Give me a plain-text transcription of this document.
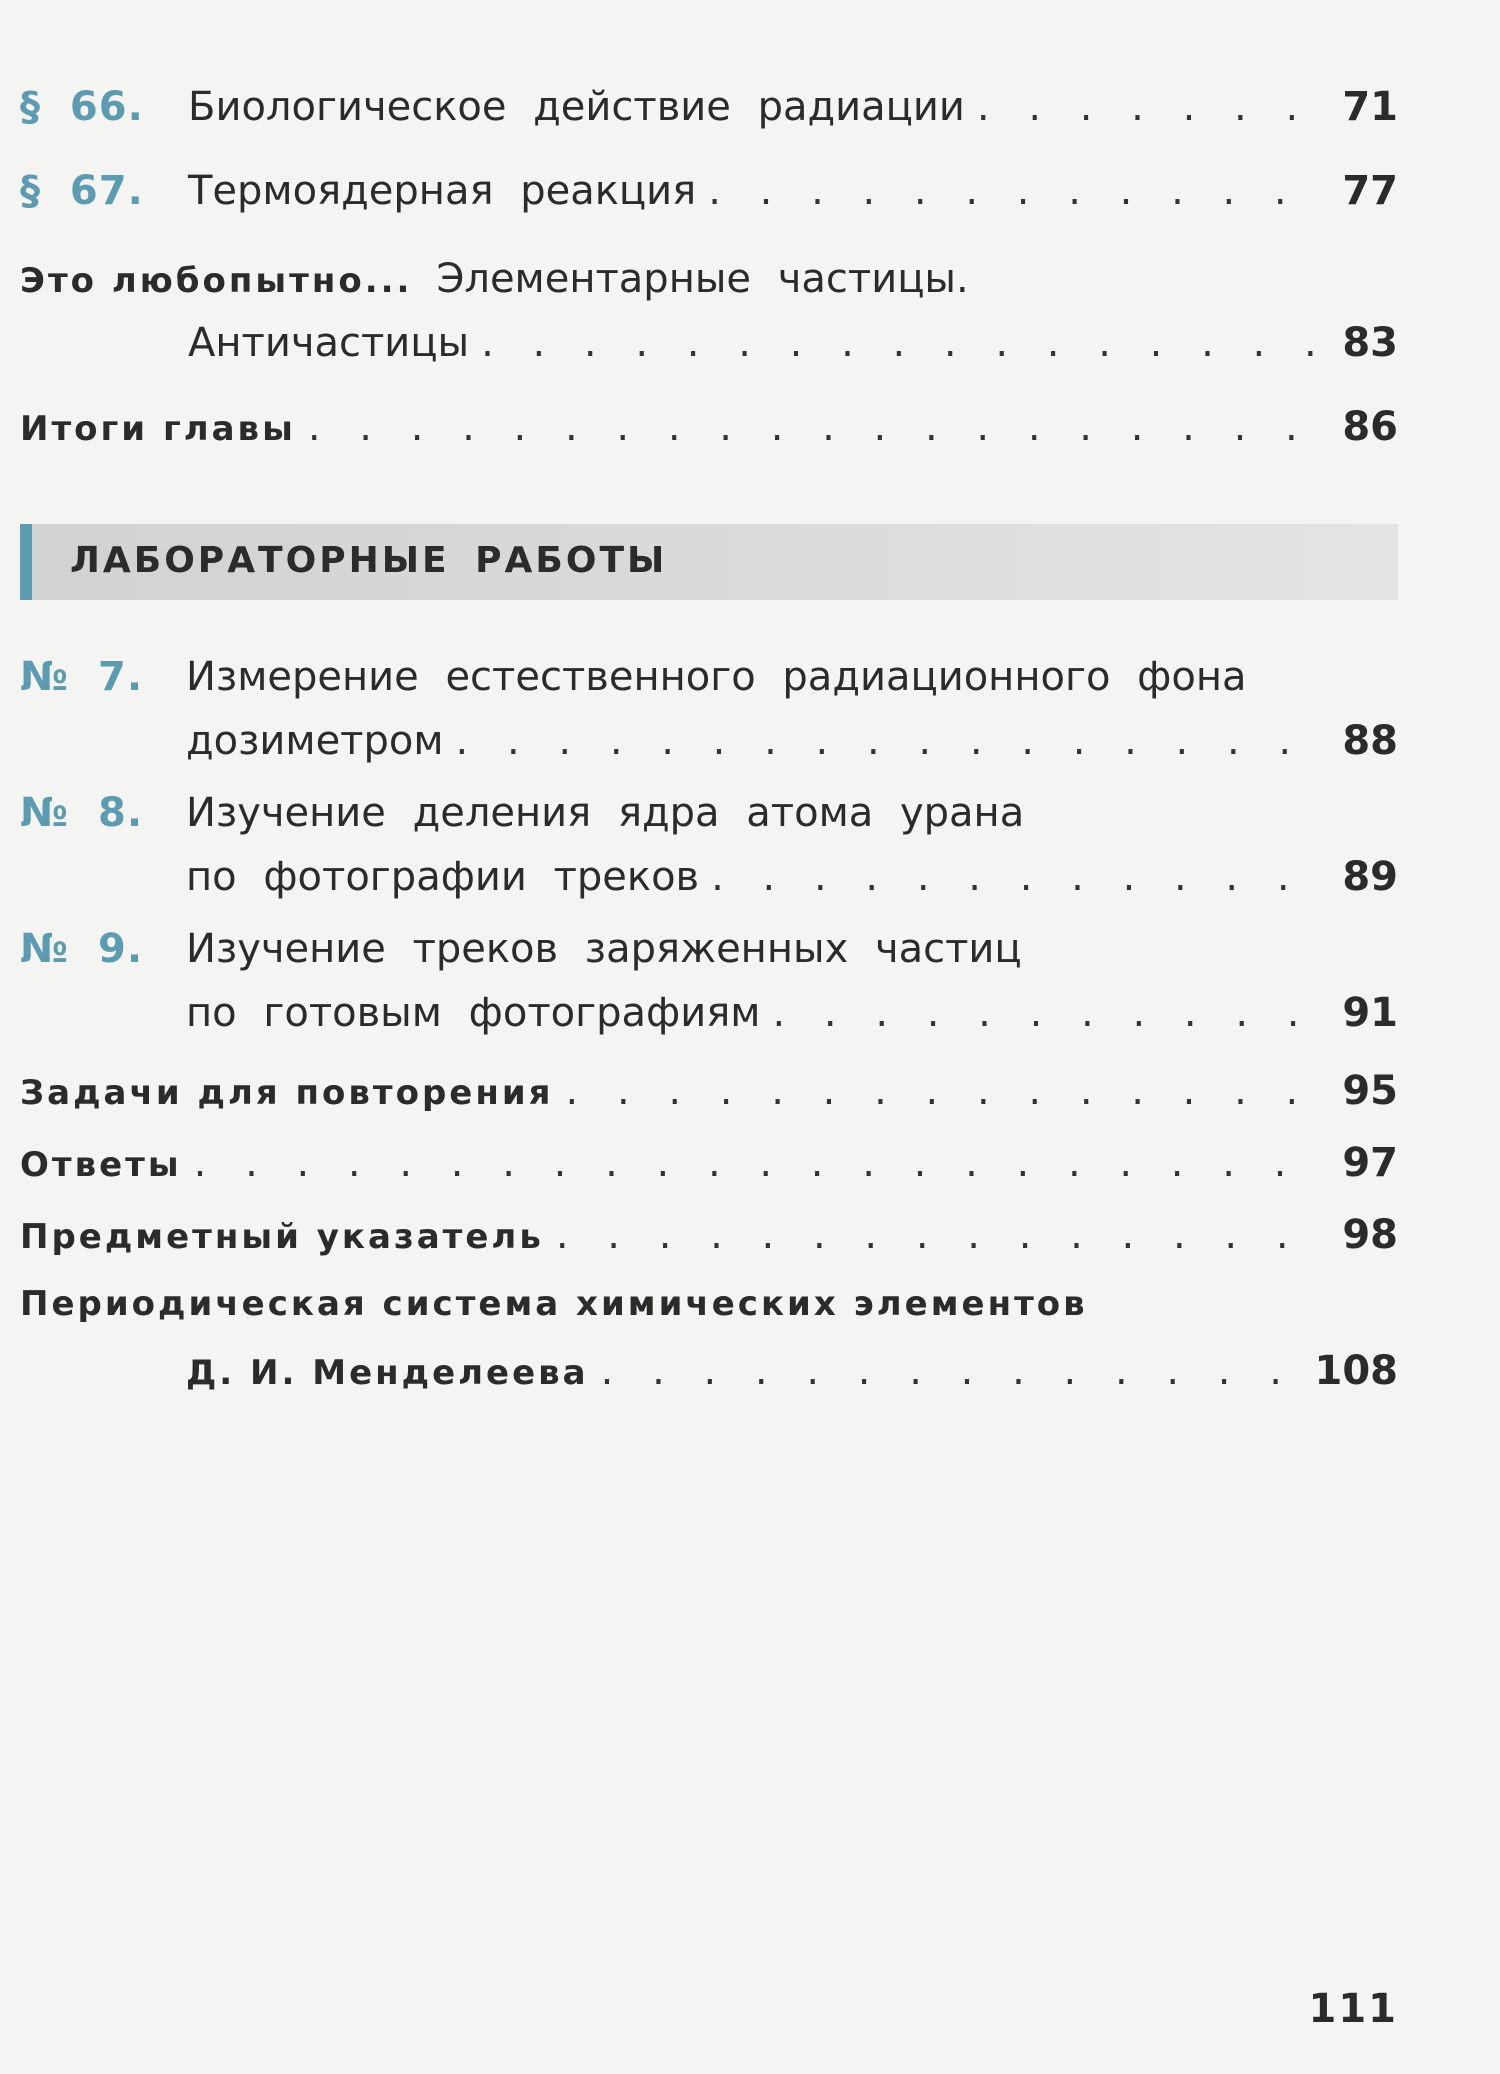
§ 66.	Биологическое действие радиации . . .	71
§ 67.	Термоядерная реакция . . .	77
Это любопытно... Элементарные частицы.
Античастицы . . .	83
Итоги главы . . .	86
ЛАБОРАТОРНЫЕ РАБОТЫ
№ 7.	Измерение естественного радиационного фона
дозиметром . . .	88
№ 8.	Изучение деления ядра атома урана
по фотографии треков . . .	89
№ 9.	Изучение треков заряженных частиц
по готовым фотографиям . . .	91
Задачи для повторения . . .	95
Ответы . . .	97
Предметный указатель . . .	98
Периодическая система химических элементов
Д. И. Менделеева . . .	108
111
